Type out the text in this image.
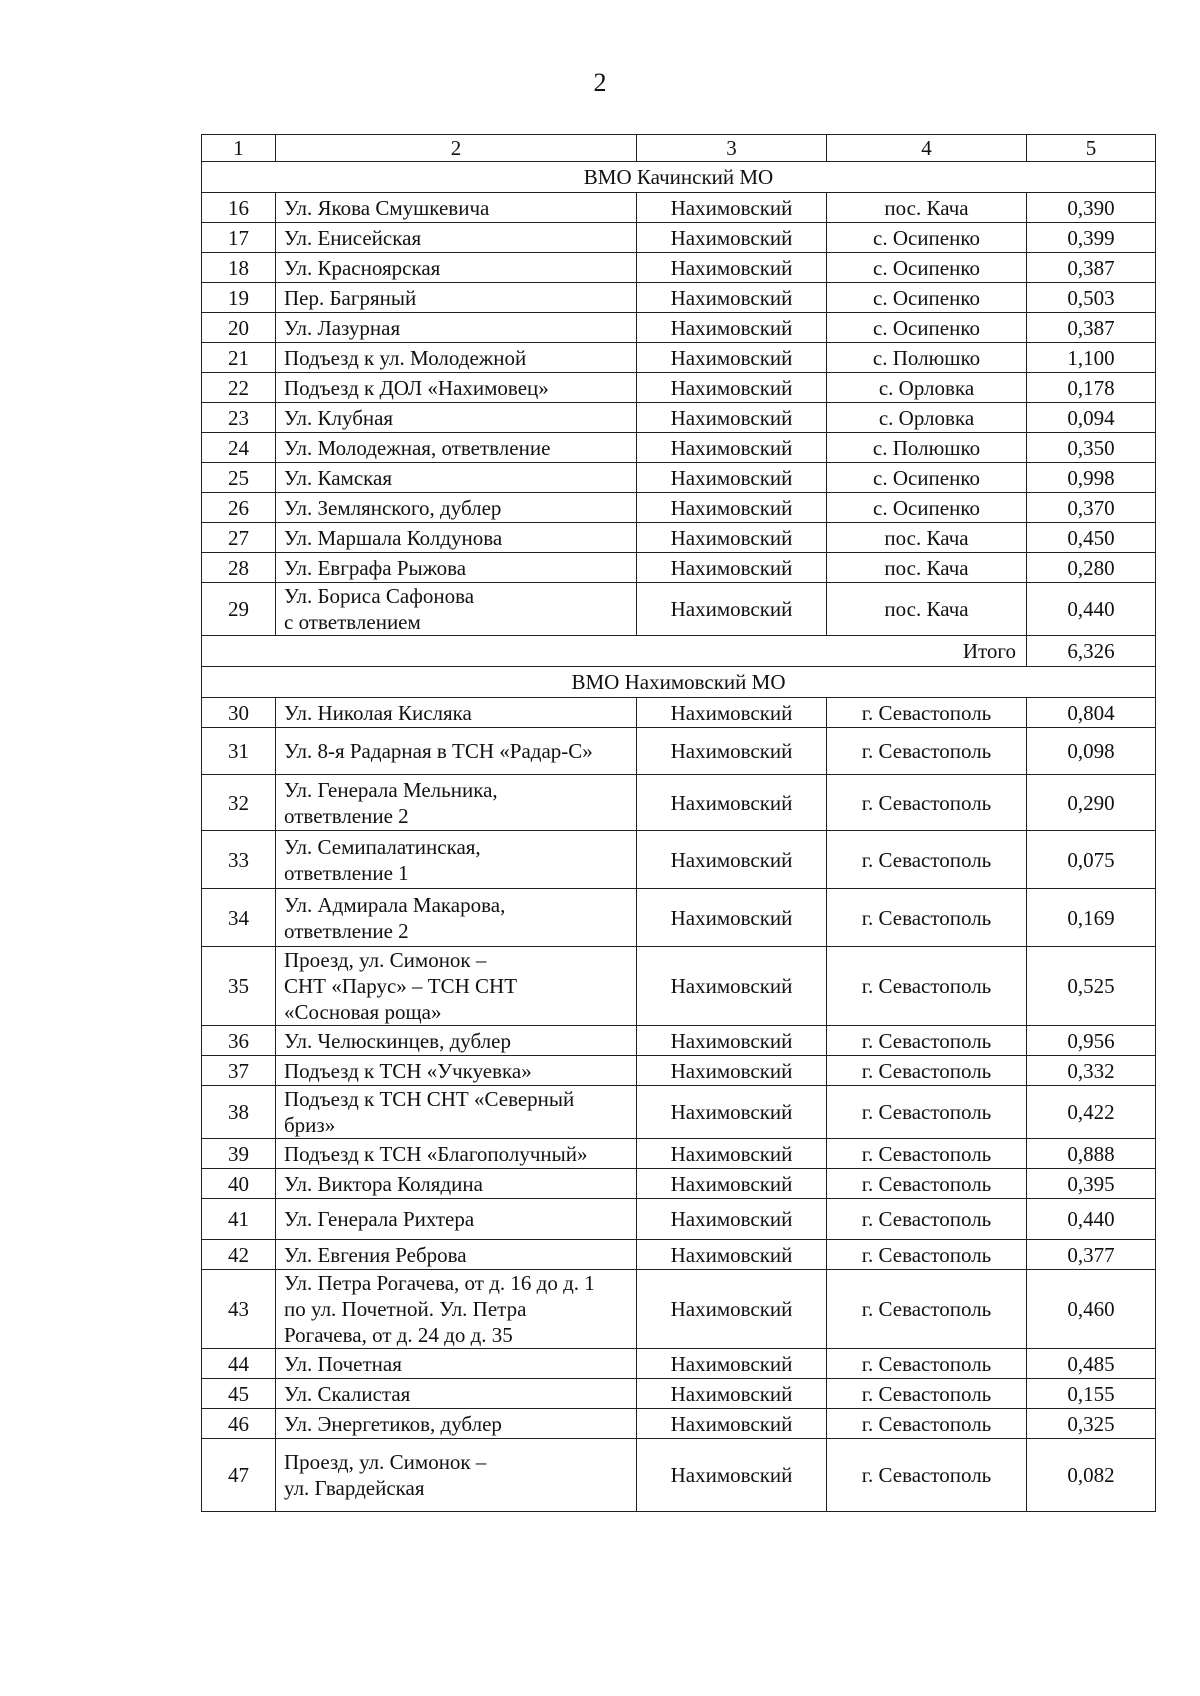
2
1	2	3	4	5
ВМО Качинский МО				
16	Ул. Якова Смушкевича	Нахимовский	пос. Кача	0,390
17	Ул. Енисейская	Нахимовский	с. Осипенко	0,399
18	Ул. Красноярская	Нахимовский	с. Осипенко	0,387
19	Пер. Багряный	Нахимовский	с. Осипенко	0,503
20	Ул. Лазурная	Нахимовский	с. Осипенко	0,387
21	Подъезд к ул. Молодежной	Нахимовский	с. Полюшко	1,100
22	Подъезд к ДОЛ «Нахимовец»	Нахимовский	с. Орловка	0,178
23	Ул. Клубная	Нахимовский	с. Орловка	0,094
24	Ул. Молодежная, ответвление	Нахимовский	с. Полюшко	0,350
25	Ул. Камская	Нахимовский	с. Осипенко	0,998
26	Ул. Землянского, дублер	Нахимовский	с. Осипенко	0,370
27	Ул. Маршала Колдунова	Нахимовский	пос. Кача	0,450
28	Ул. Евграфа Рыжова	Нахимовский	пос. Кача	0,280
29	Ул. Бориса Сафонова
с ответвлением	Нахимовский	пос. Кача	0,440
Итого				6,326
ВМО Нахимовский МО				
30	Ул. Николая Кисляка	Нахимовский	г. Севастополь	0,804
31	Ул. 8-я Радарная в ТСН «Радар-С»	Нахимовский	г. Севастополь	0,098
32	Ул. Генерала Мельника,
ответвление 2	Нахимовский	г. Севастополь	0,290
33	Ул. Семипалатинская,
ответвление 1	Нахимовский	г. Севастополь	0,075
34	Ул. Адмирала Макарова,
ответвление 2	Нахимовский	г. Севастополь	0,169
35	Проезд, ул. Симонок –
СНТ «Парус» – ТСН СНТ
«Сосновая роща»	Нахимовский	г. Севастополь	0,525
36	Ул. Челюскинцев, дублер	Нахимовский	г. Севастополь	0,956
37	Подъезд к ТСН «Учкуевка»	Нахимовский	г. Севастополь	0,332
38	Подъезд к ТСН СНТ «Северный
бриз»	Нахимовский	г. Севастополь	0,422
39	Подъезд к ТСН «Благополучный»	Нахимовский	г. Севастополь	0,888
40	Ул. Виктора Колядина	Нахимовский	г. Севастополь	0,395
41	Ул. Генерала Рихтера	Нахимовский	г. Севастополь	0,440
42	Ул. Евгения Реброва	Нахимовский	г. Севастополь	0,377
43	Ул. Петра Рогачева, от д. 16 до д. 1
по ул. Почетной. Ул. Петра
Рогачева, от д. 24 до д. 35	Нахимовский	г. Севастополь	0,460
44	Ул. Почетная	Нахимовский	г. Севастополь	0,485
45	Ул. Скалистая	Нахимовский	г. Севастополь	0,155
46	Ул. Энергетиков, дублер	Нахимовский	г. Севастополь	0,325
47	Проезд, ул. Симонок –
ул. Гвардейская	Нахимовский	г. Севастополь	0,082
